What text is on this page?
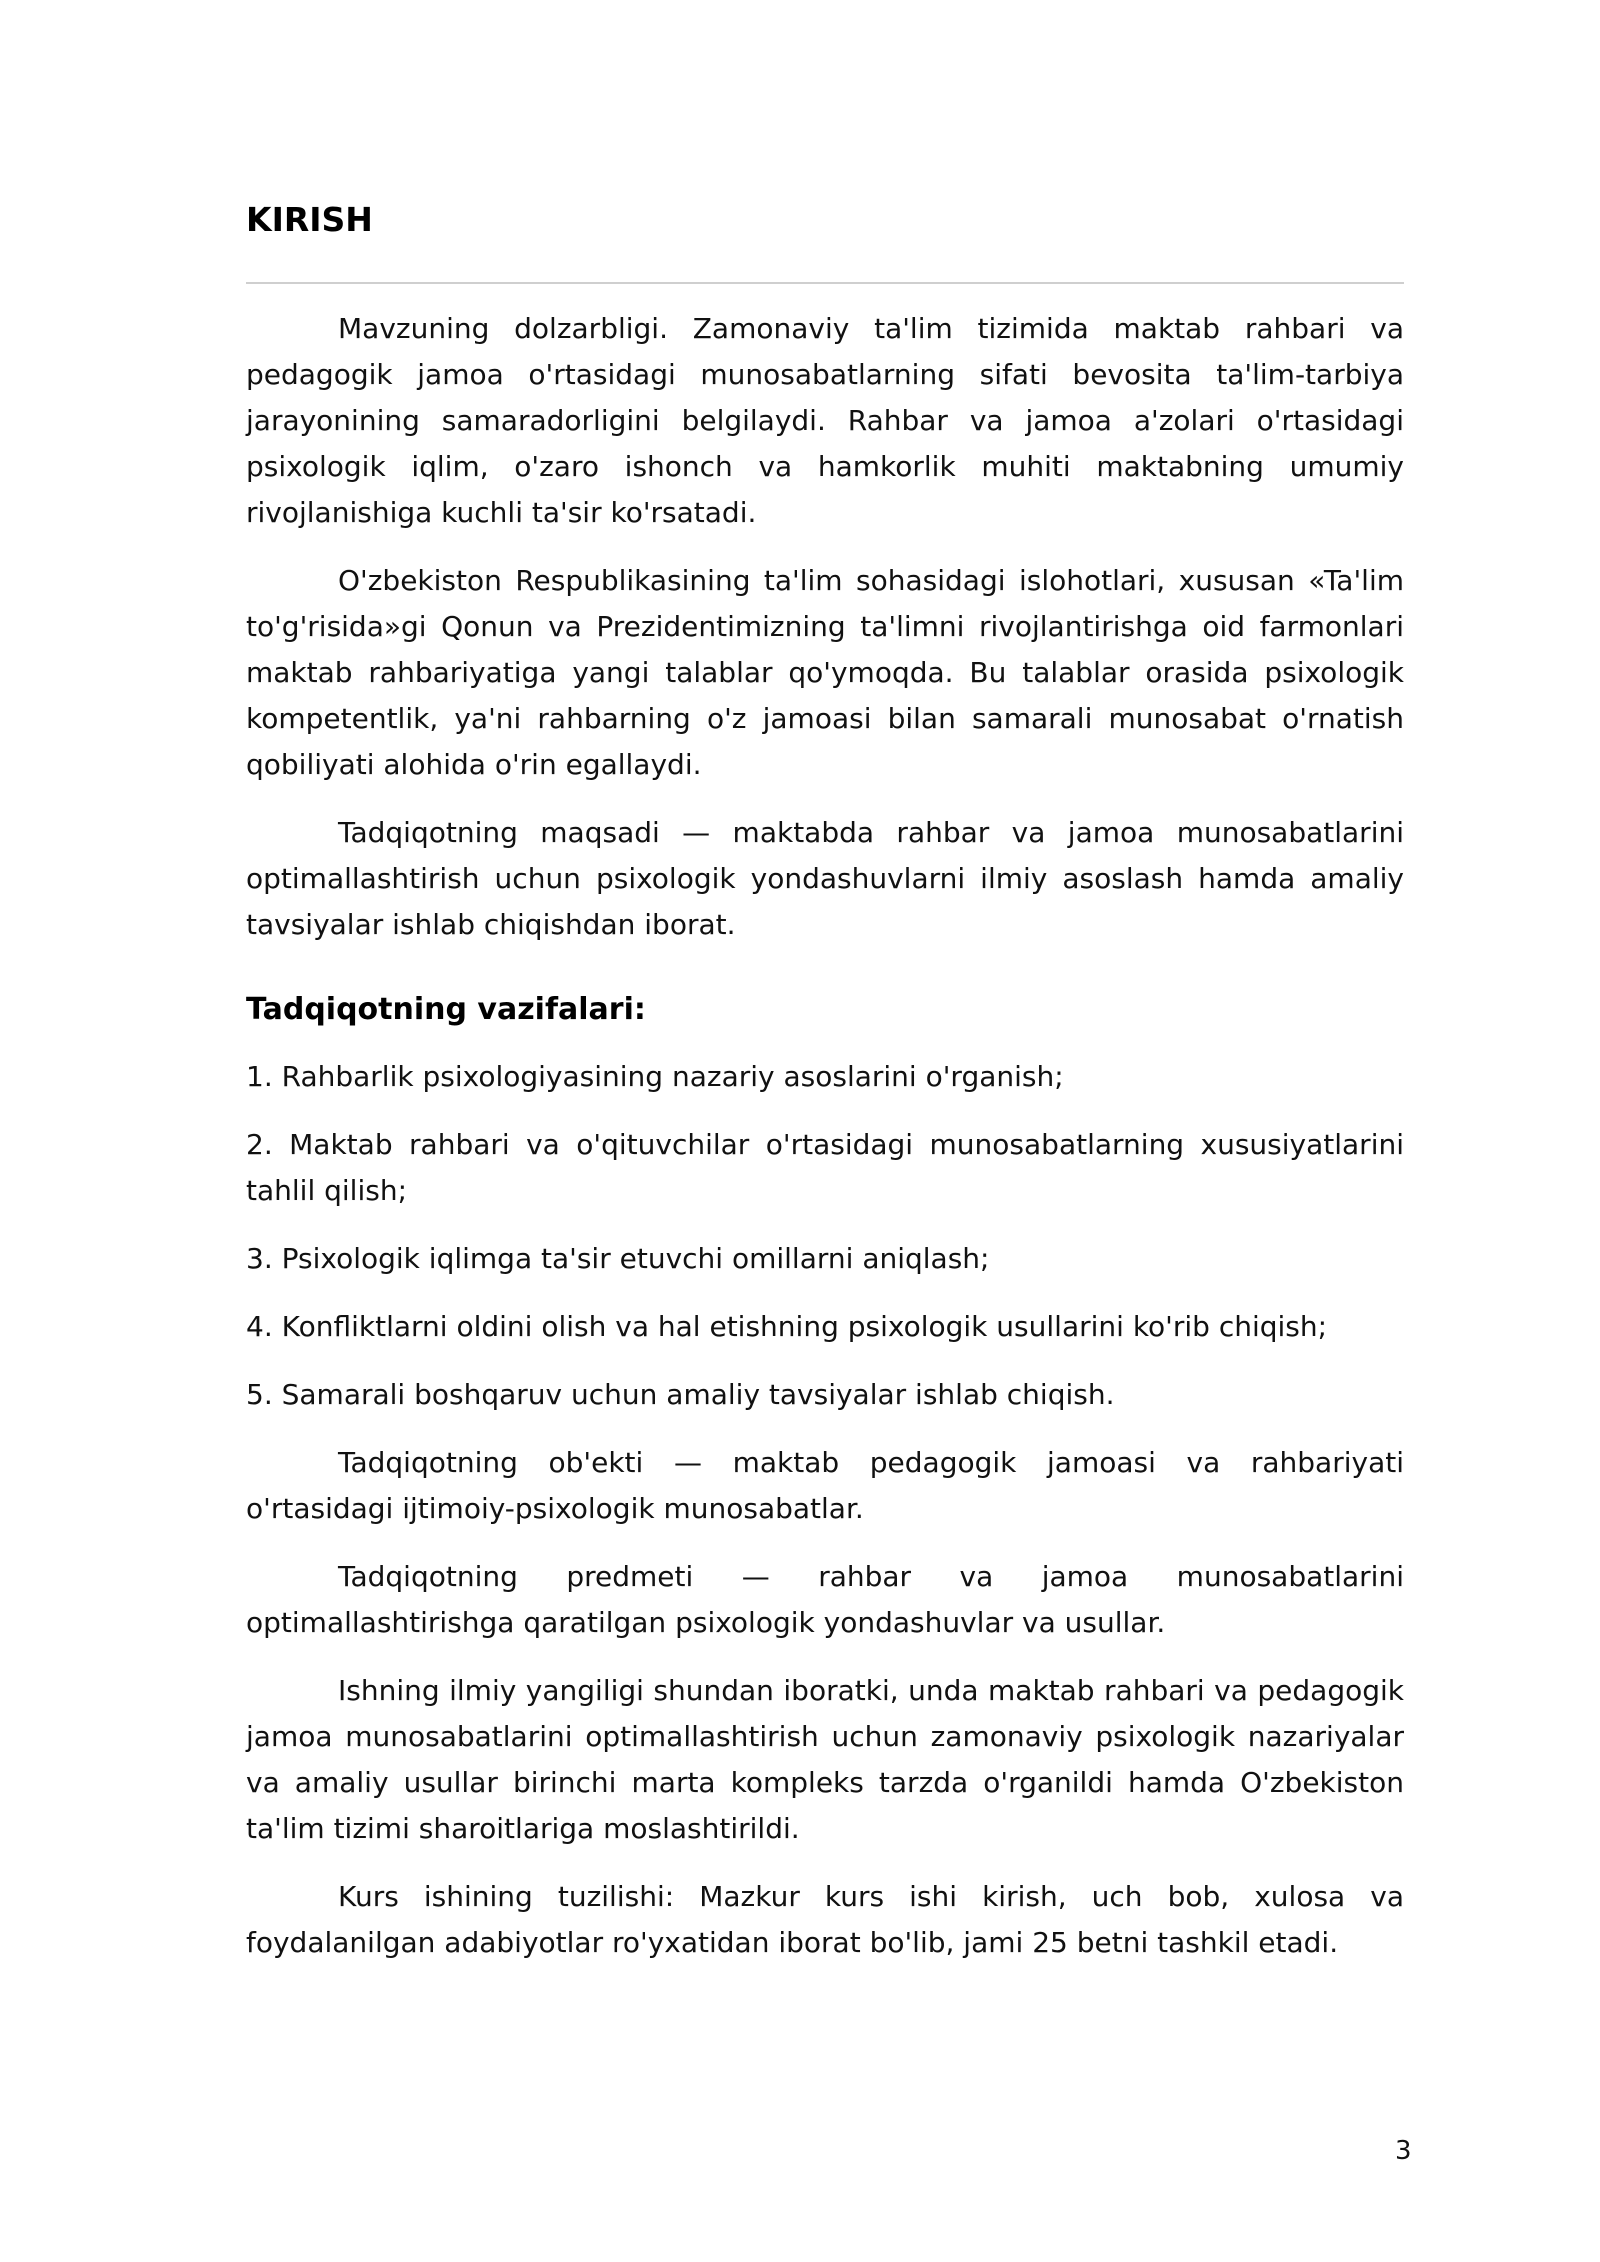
KIRISH

Mavzuning dolzarbligi. Zamonaviy ta'lim tizimida maktab rahbari va pedagogik jamoa o'rtasidagi munosabatlarning sifati bevosita ta'lim-tarbiya jarayonining samaradorligini belgilaydi. Rahbar va jamoa a'zolari o'rtasidagi psixologik iqlim, o'zaro ishonch va hamkorlik muhiti maktabning umumiy rivojlanishiga kuchli ta'sir ko'rsatadi.

O'zbekiston Respublikasining ta'lim sohasidagi islohotlari, xususan «Ta'lim to'g'risida»gi Qonun va Prezidentimizning ta'limni rivojlantirishga oid farmonlari maktab rahbariyatiga yangi talablar qo'ymoqda. Bu talablar orasida psixologik kompetentlik, ya'ni rahbarning o'z jamoasi bilan samarali munosabat o'rnatish qobiliyati alohida o'rin egallaydi.

Tadqiqotning maqsadi — maktabda rahbar va jamoa munosabatlarini optimallashtirish uchun psixologik yondashuvlarni ilmiy asoslash hamda amaliy tavsiyalar ishlab chiqishdan iborat.

Tadqiqotning vazifalari:

1. Rahbarlik psixologiyasining nazariy asoslarini o'rganish;

2. Maktab rahbari va o'qituvchilar o'rtasidagi munosabatlarning xususiyatlarini tahlil qilish;

3. Psixologik iqlimga ta'sir etuvchi omillarni aniqlash;

4. Konfliktlarni oldini olish va hal etishning psixologik usullarini ko'rib chiqish;

5. Samarali boshqaruv uchun amaliy tavsiyalar ishlab chiqish.

Tadqiqotning ob'ekti — maktab pedagogik jamoasi va rahbariyati o'rtasidagi ijtimoiy-psixologik munosabatlar.

Tadqiqotning predmeti — rahbar va jamoa munosabatlarini optimallashtirishga qaratilgan psixologik yondashuvlar va usullar.

Ishning ilmiy yangiligi shundan iboratki, unda maktab rahbari va pedagogik jamoa munosabatlarini optimallashtirish uchun zamonaviy psixologik nazariyalar va amaliy usullar birinchi marta kompleks tarzda o'rganildi hamda O'zbekiston ta'lim tizimi sharoitlariga moslashtirildi.

Kurs ishining tuzilishi: Mazkur kurs ishi kirish, uch bob, xulosa va foydalanilgan adabiyotlar ro'yxatidan iborat bo'lib, jami 25 betni tashkil etadi.

3
